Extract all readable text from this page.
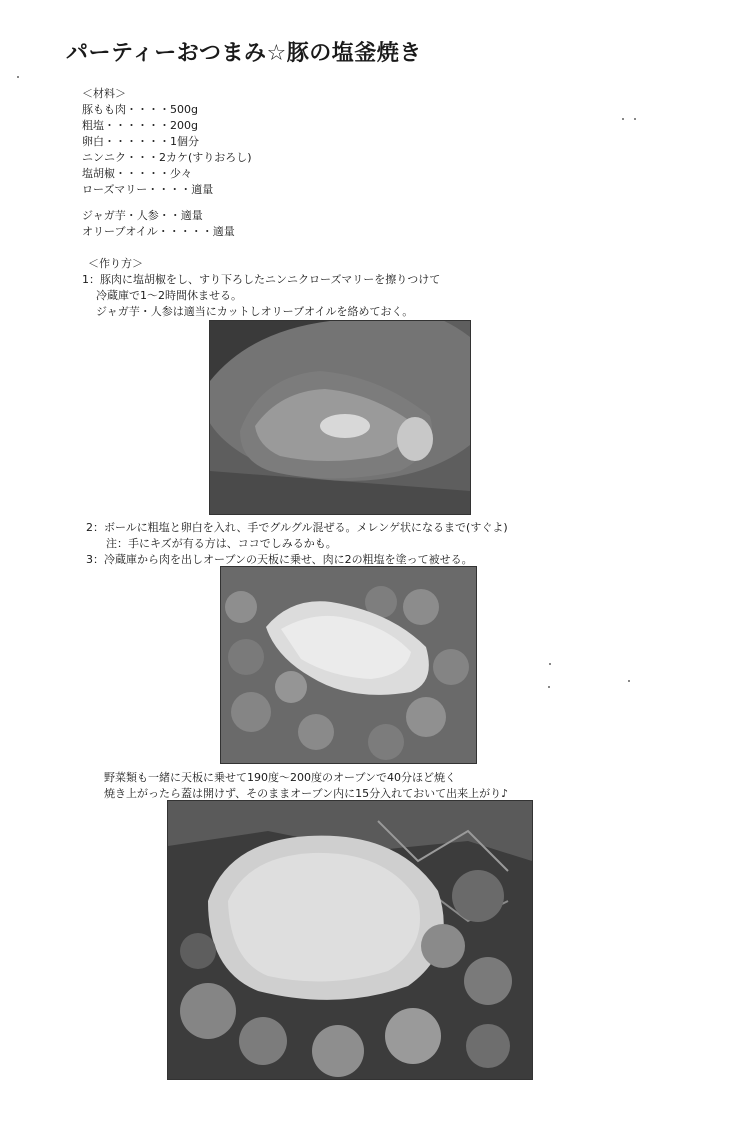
パーティーおつまみ☆豚の塩釜焼き
＜材料＞
豚もも肉・・・・500g
粗塩・・・・・・200g
卵白・・・・・・1個分
ニンニク・・・2カケ(すりおろし)
塩胡椒・・・・・少々
ローズマリー・・・・適量
ジャガ芋・人参・・適量
オリーブオイル・・・・・適量
＜作り方＞
1：豚肉に塩胡椒をし、すり下ろしたニンニクローズマリーを擦りつけて
冷蔵庫で1～2時間休ませる。
ジャガ芋・人参は適当にカットしオリーブオイルを絡めておく。
2：ボールに粗塩と卵白を入れ、手でグルグル混ぜる。メレンゲ状になるまで(すぐよ)
注：手にキズが有る方は、ココでしみるかも。
3：冷蔵庫から肉を出しオーブンの天板に乗せ、肉に2の粗塩を塗って被せる。
野菜類も一緒に天板に乗せて190度～200度のオーブンで40分ほど焼く
焼き上がったら蓋は開けず、そのままオーブン内に15分入れておいて出来上がり♪
